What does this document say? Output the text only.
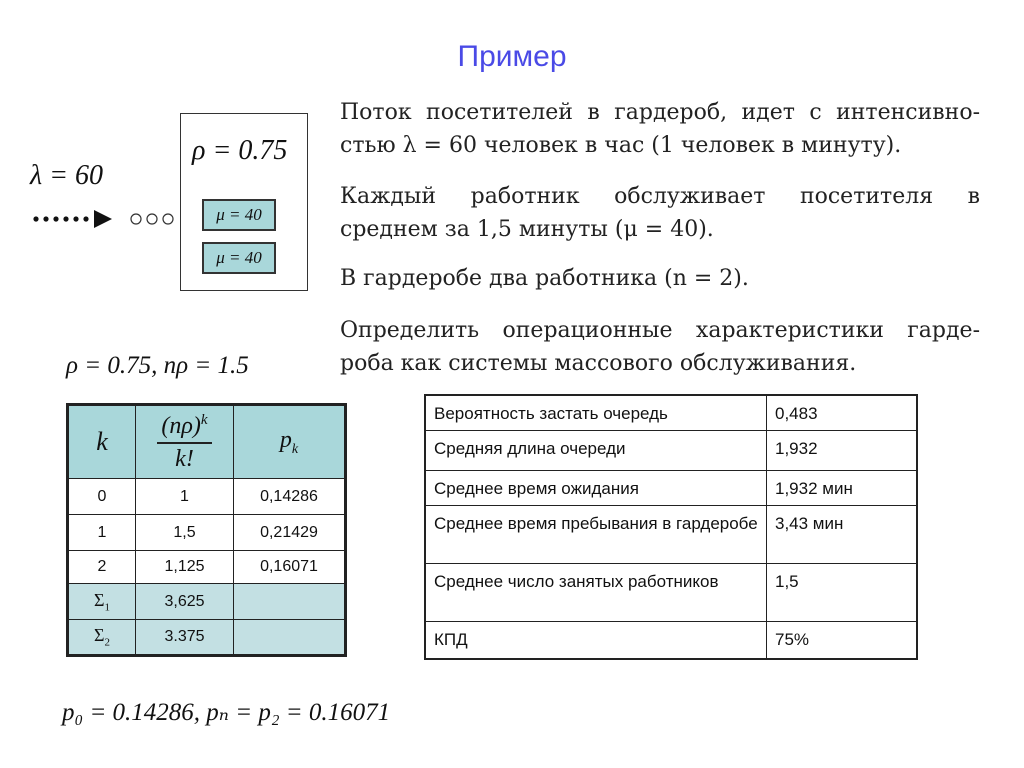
Пример
λ = 60
ρ = 0.75
μ = 40
μ = 40
Поток посетителей в гардероб, идет с интенсивно-
стью λ = 60 человек в час (1 человек в минуту).
Каждый работник обслуживает посетителя в
среднем за 1,5 минуты (μ = 40).
В гардеробе два работника (n = 2).
Определить операционные характеристики гарде-
роба как системы массового обслуживания.
ρ = 0.75, nρ = 1.5
k	$\frac{(n\rho)^k}{k!}$	$p_k$
0	1	0,14286
1	1,5	0,21429
2	1,125	0,16071
$\Sigma_1$	3,625	
$\Sigma_2$	3.375	
Вероятность застать очередь	0,483
Средняя длина очереди	1,932
Среднее время ожидания	1,932 мин
Среднее время пребывания в гардеробе	3,43 мин
Среднее число занятых работников	1,5
КПД	75%
p₀ = 0.14286, pₙ = p₂ = 0.16071
